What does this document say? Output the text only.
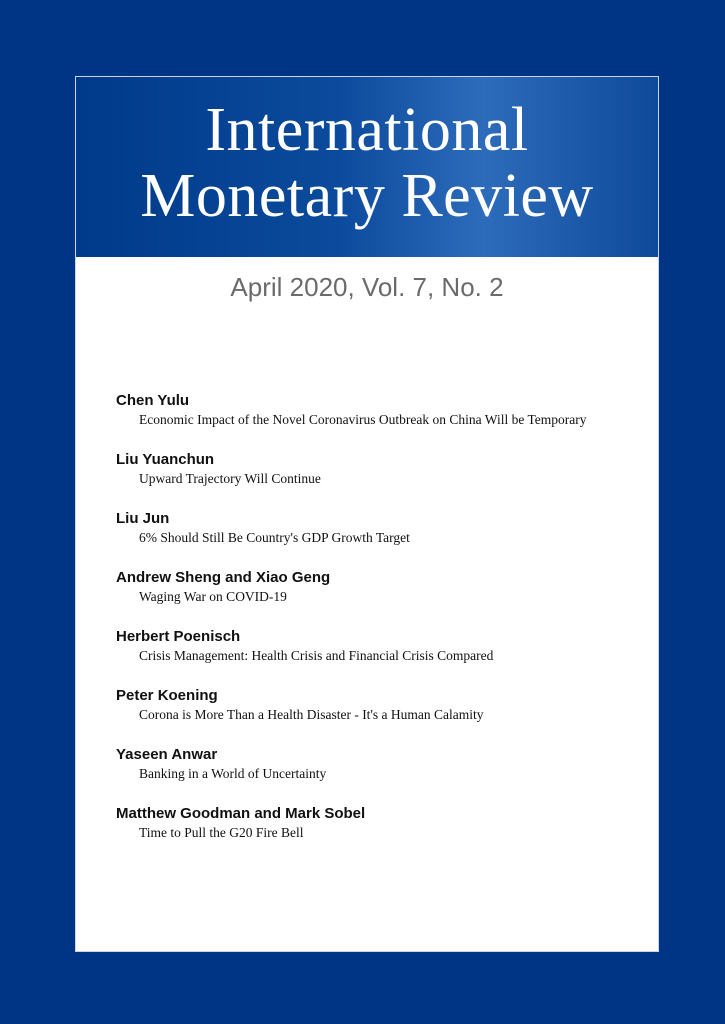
International
Monetary Review
April 2020, Vol. 7, No. 2
Chen Yulu
Economic Impact of the Novel Coronavirus Outbreak on China Will be Temporary
Liu Yuanchun
Upward Trajectory Will Continue
Liu Jun
6% Should Still Be Country's GDP Growth Target
Andrew Sheng and Xiao Geng
Waging War on COVID-19
Herbert Poenisch
Crisis Management: Health Crisis and Financial Crisis Compared
Peter Koening
Corona is More Than a Health Disaster - It's a Human Calamity
Yaseen Anwar
Banking in a World of Uncertainty
Matthew Goodman and Mark Sobel
Time to Pull the G20 Fire Bell
